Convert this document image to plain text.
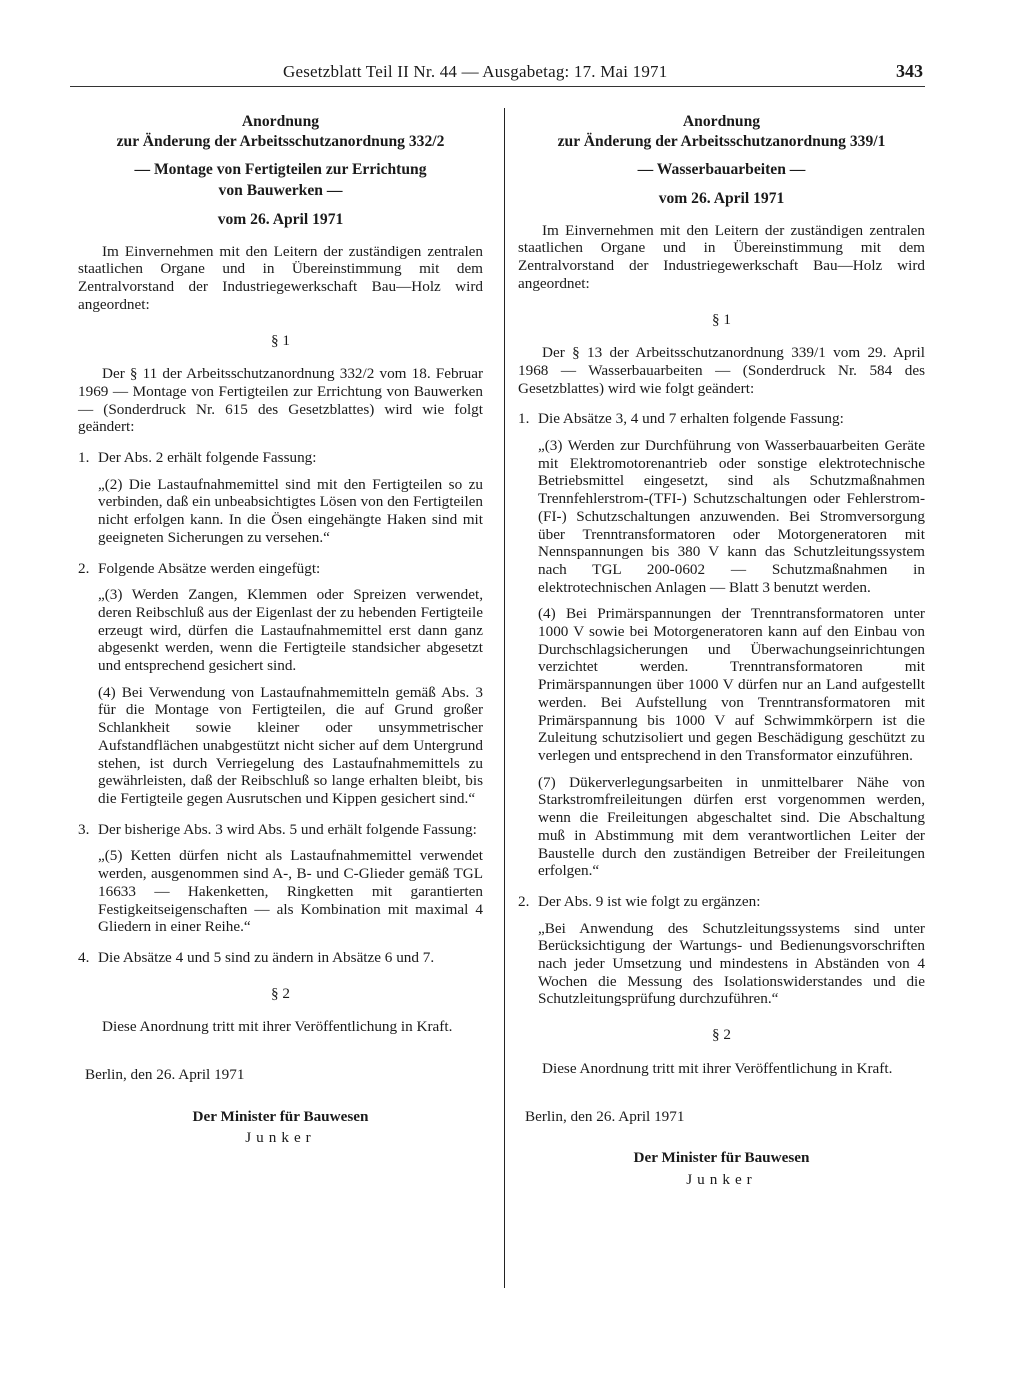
Gesetzblatt Teil II Nr. 44 — Ausgabetag: 17. Mai 1971	343
Anordnung
zur Änderung der Arbeitsschutzanordnung 332/2
— Montage von Fertigteilen zur Errichtung
von Bauwerken —
vom 26. April 1971

Im Einvernehmen mit den Leitern der zuständigen zentralen staatlichen Organe und in Übereinstimmung mit dem Zentralvorstand der Industriegewerkschaft Bau—Holz wird angeordnet:

§ 1

Der § 11 der Arbeitsschutzanordnung 332/2 vom 18. Februar 1969 — Montage von Fertigteilen zur Errichtung von Bauwerken — (Sonderdruck Nr. 615 des Gesetzblattes) wird wie folgt geändert:

1. Der Abs. 2 erhält folgende Fassung:
„(2) Die Lastaufnahmemittel sind mit den Fertigteilen so zu verbinden, daß ein unbeabsichtigtes Lösen von den Fertigteilen nicht erfolgen kann. In die Ösen eingehängte Haken sind mit geeigneten Sicherungen zu versehen.“
2. Folgende Absätze werden eingefügt:
„(3) Werden Zangen, Klemmen oder Spreizen verwendet, deren Reibschluß aus der Eigenlast der zu hebenden Fertigteile erzeugt wird, dürfen die Lastaufnahmemittel erst dann ganz abgesenkt werden, wenn die Fertigteile standsicher abgesetzt und entsprechend gesichert sind.
(4) Bei Verwendung von Lastaufnahmemitteln gemäß Abs. 3 für die Montage von Fertigteilen, die auf Grund großer Schlankheit sowie kleiner oder unsymmetrischer Aufstandflächen unabgestützt nicht sicher auf dem Untergrund stehen, ist durch Verriegelung des Lastaufnahmemittels zu gewährleisten, daß der Reibschluß so lange erhalten bleibt, bis die Fertigteile gegen Ausrutschen und Kippen gesichert sind.“
3. Der bisherige Abs. 3 wird Abs. 5 und erhält folgende Fassung:
„(5) Ketten dürfen nicht als Lastaufnahmemittel verwendet werden, ausgenommen sind A-, B- und C-Glieder gemäß TGL 16633 — Hakenketten, Ringketten mit garantierten Festigkeitseigenschaften — als Kombination mit maximal 4 Gliedern in einer Reihe.“
4. Die Absätze 4 und 5 sind zu ändern in Absätze 6 und 7.
§ 2

Diese Anordnung tritt mit ihrer Veröffentlichung in Kraft.

Berlin, den 26. April 1971
Der Minister für Bauwesen
Junker
Anordnung
zur Änderung der Arbeitsschutzanordnung 339/1
— Wasserbauarbeiten —
vom 26. April 1971

Im Einvernehmen mit den Leitern der zuständigen zentralen staatlichen Organe und in Übereinstimmung mit dem Zentralvorstand der Industriegewerkschaft Bau—Holz wird angeordnet:

§ 1

Der § 13 der Arbeitsschutzanordnung 339/1 vom 29. April 1968 — Wasserbauarbeiten — (Sonderdruck Nr. 584 des Gesetzblattes) wird wie folgt geändert:

1. Die Absätze 3, 4 und 7 erhalten folgende Fassung:
„(3) Werden zur Durchführung von Wasserbauarbeiten Geräte mit Elektromotorenantrieb oder sonstige elektrotechnische Betriebsmittel eingesetzt, sind als Schutzmaßnahmen Trennfehlerstrom-(TFI-) Schutzschaltungen oder Fehlerstrom- (FI-) Schutzschaltungen anzuwenden. Bei Stromversorgung über Trenntransformatoren oder Motorgeneratoren mit Nennspannungen bis 380 V kann das Schutzleitungssystem nach TGL 200-0602 — Schutzmaßnahmen in elektrotechnischen Anlagen — Blatt 3 benutzt werden.
(4) Bei Primärspannungen der Trenntransformatoren unter 1000 V sowie bei Motorgeneratoren kann auf den Einbau von Durchschlagsicherungen und Überwachungseinrichtungen verzichtet werden. Trenntransformatoren mit Primärspannungen über 1000 V dürfen nur an Land aufgestellt werden. Bei Aufstellung von Trenntransformatoren mit Primärspannung bis 1000 V auf Schwimmkörpern ist die Zuleitung schutzisoliert und gegen Beschädigung geschützt zu verlegen und entsprechend in den Transformator einzuführen.
(7) Dükerverlegungsarbeiten in unmittelbarer Nähe von Starkstromfreileitungen dürfen erst vorgenommen werden, wenn die Freileitungen abgeschaltet sind. Die Abschaltung muß in Abstimmung mit dem verantwortlichen Leiter der Baustelle durch den zuständigen Betreiber der Freileitungen erfolgen.“
2. Der Abs. 9 ist wie folgt zu ergänzen:
„Bei Anwendung des Schutzleitungssystems sind unter Berücksichtigung der Wartungs- und Bedienungsvorschriften nach jeder Umsetzung und mindestens in Abständen von 4 Wochen die Messung des Isolationswiderstandes und die Schutzleitungsprüfung durchzuführen.“
§ 2

Diese Anordnung tritt mit ihrer Veröffentlichung in Kraft.

Berlin, den 26. April 1971
Der Minister für Bauwesen
Junker
